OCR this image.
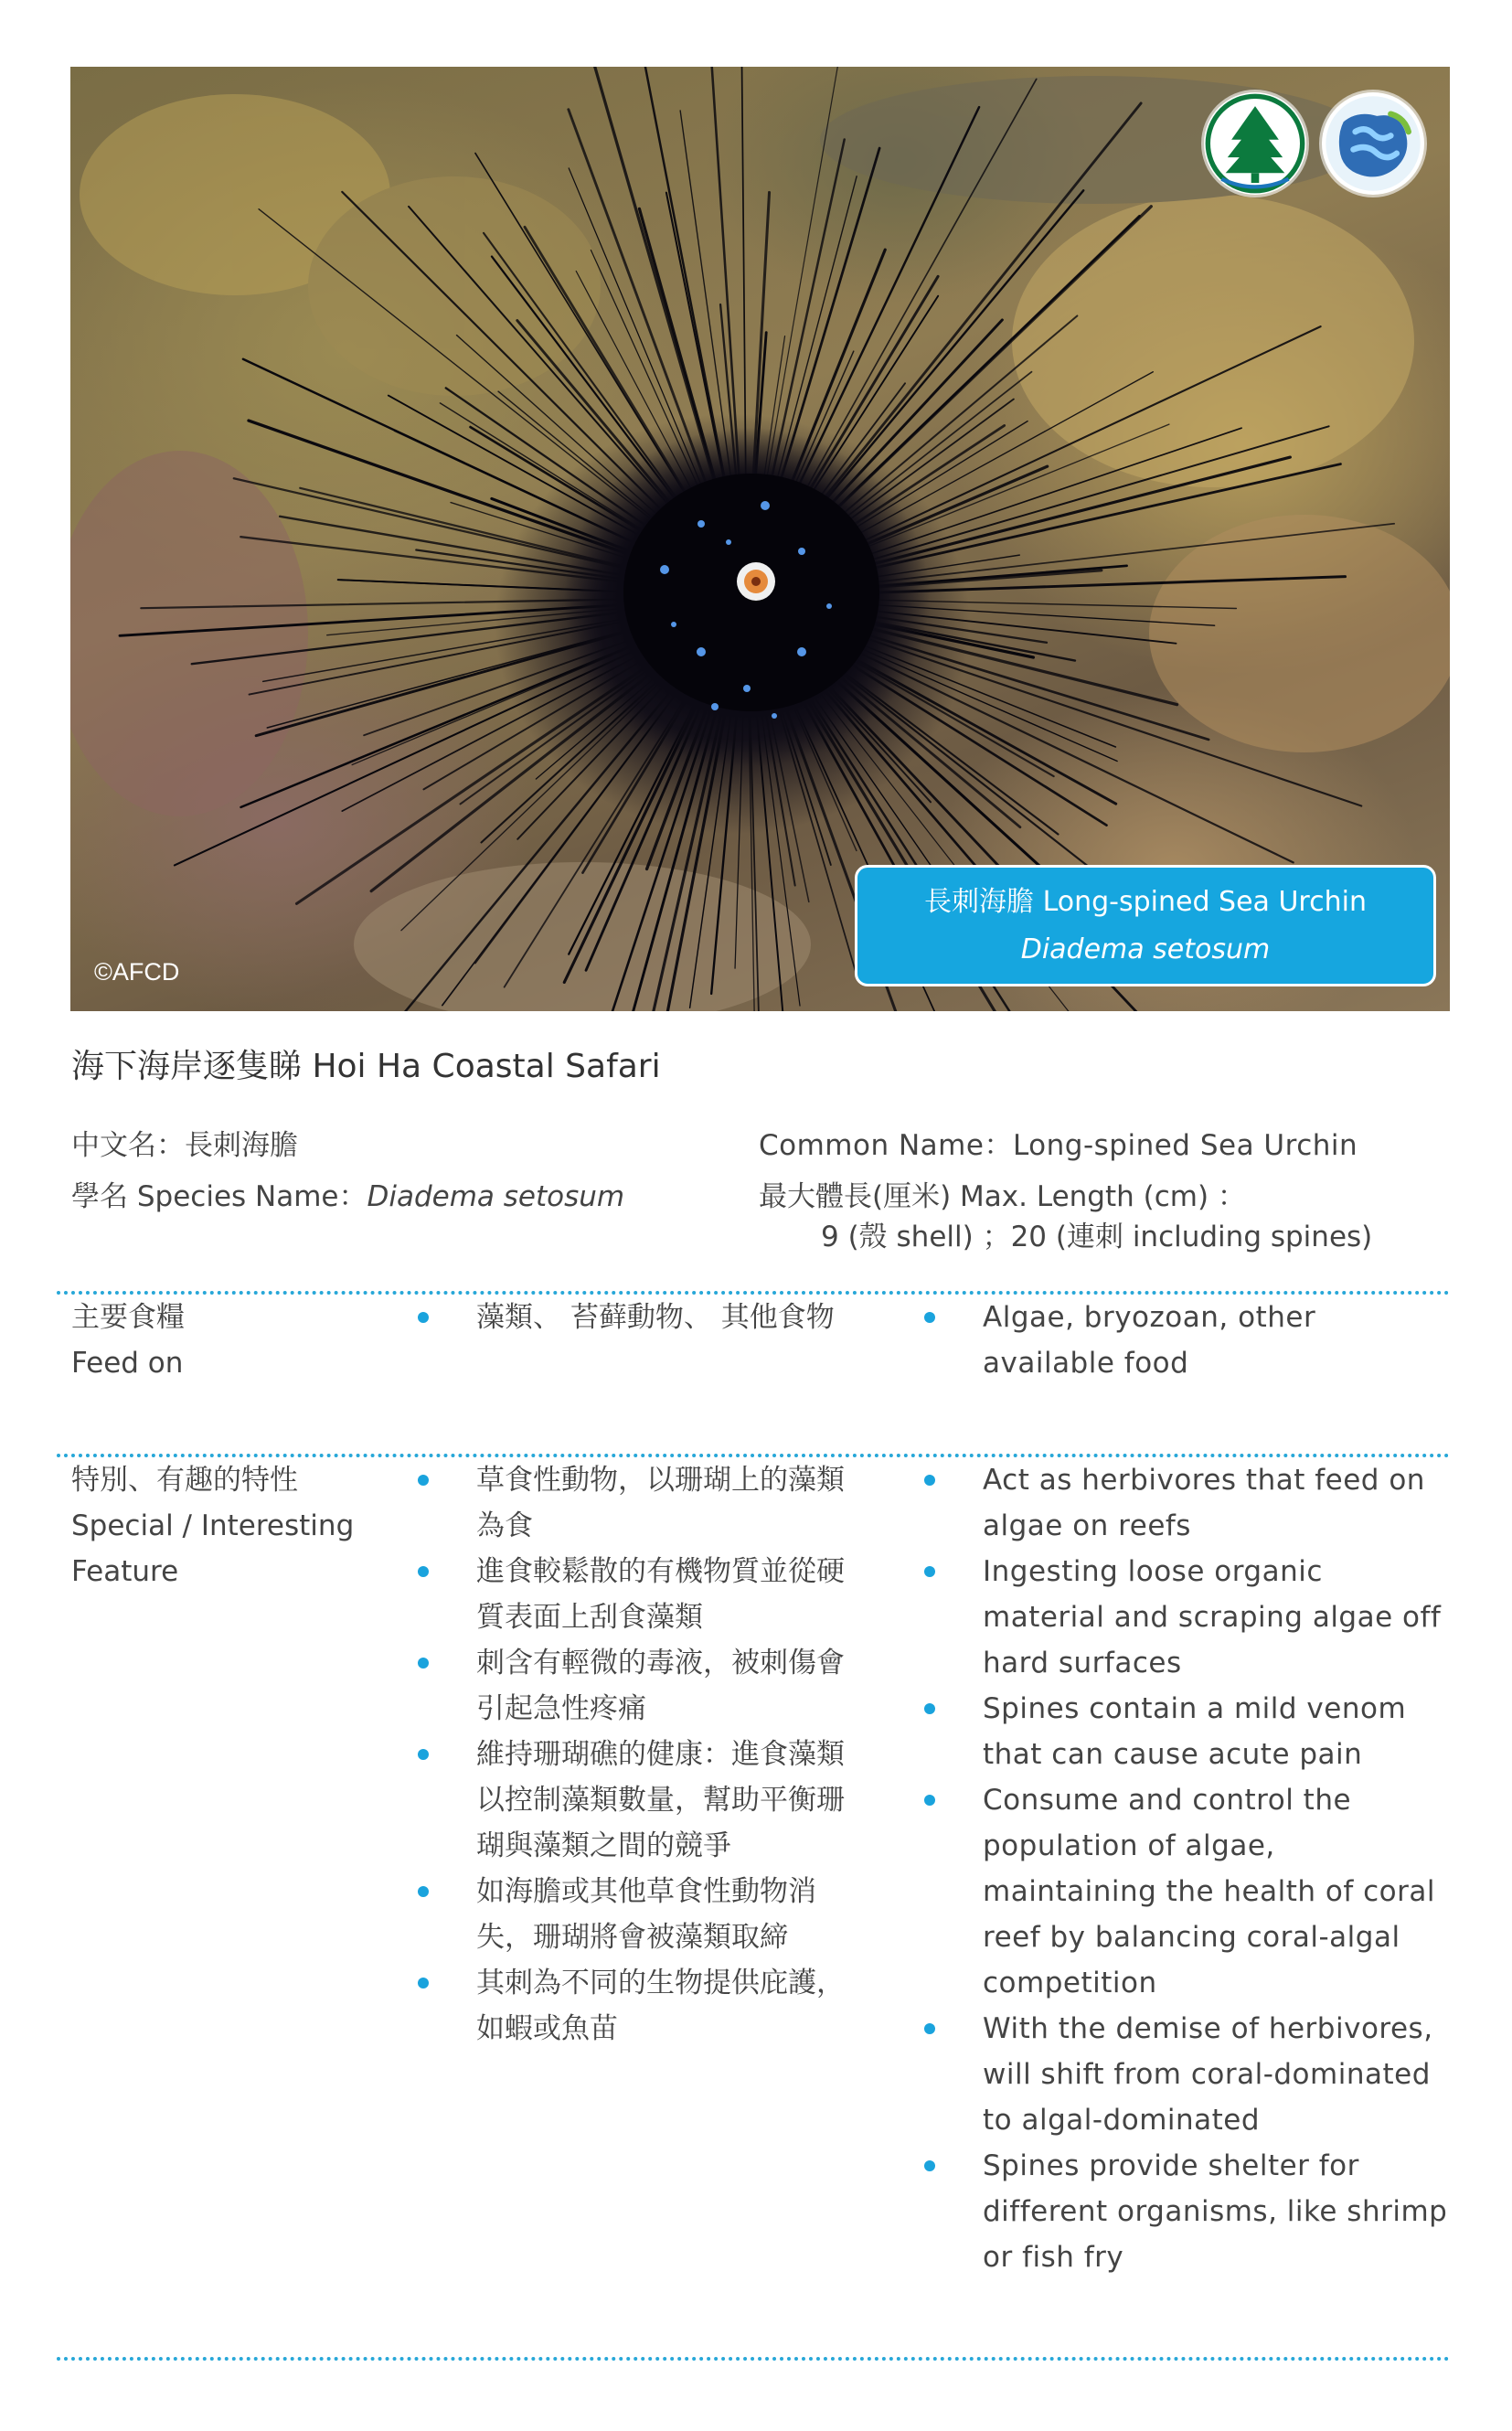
©AFCD
長刺海膽 Long-spined Sea Urchin
Diadema setosum
海下海岸逐隻睇 Hoi Ha Coastal Safari
中文名：長刺海膽
學名 Species Name：Diadema setosum
Common Name：Long-spined Sea Urchin
最大體長(厘米) Max. Length (cm) ：
9 (殼 shell) ；20 (連刺 including spines)
主要食糧
Feed on
藻類、 苔藓動物、 其他食物	Algae, bryozoan, other available food
特別、有趣的特性
Special / Interesting Feature
草食性動物，以珊瑚上的藻類為食
進食較鬆散的有機物質並從硬質表面上刮食藻類
刺含有輕微的毒液，被刺傷會引起急性疼痛
維持珊瑚礁的健康：進食藻類以控制藻類數量，幫助平衡珊瑚與藻類之間的競爭
如海膽或其他草食性動物消失，珊瑚將會被藻類取締
其刺為不同的生物提供庇護，如蝦或魚苗
Act as herbivores that feed on algae on reefs
Ingesting loose organic material and scraping algae off hard surfaces
Spines contain a mild venom that can cause acute pain
Consume and control the population of algae, maintaining the health of coral reef by balancing coral-algal competition
With the demise of herbivores, will shift from coral-dominated to algal-dominated
Spines provide shelter for different organisms, like shrimp or fish fry
